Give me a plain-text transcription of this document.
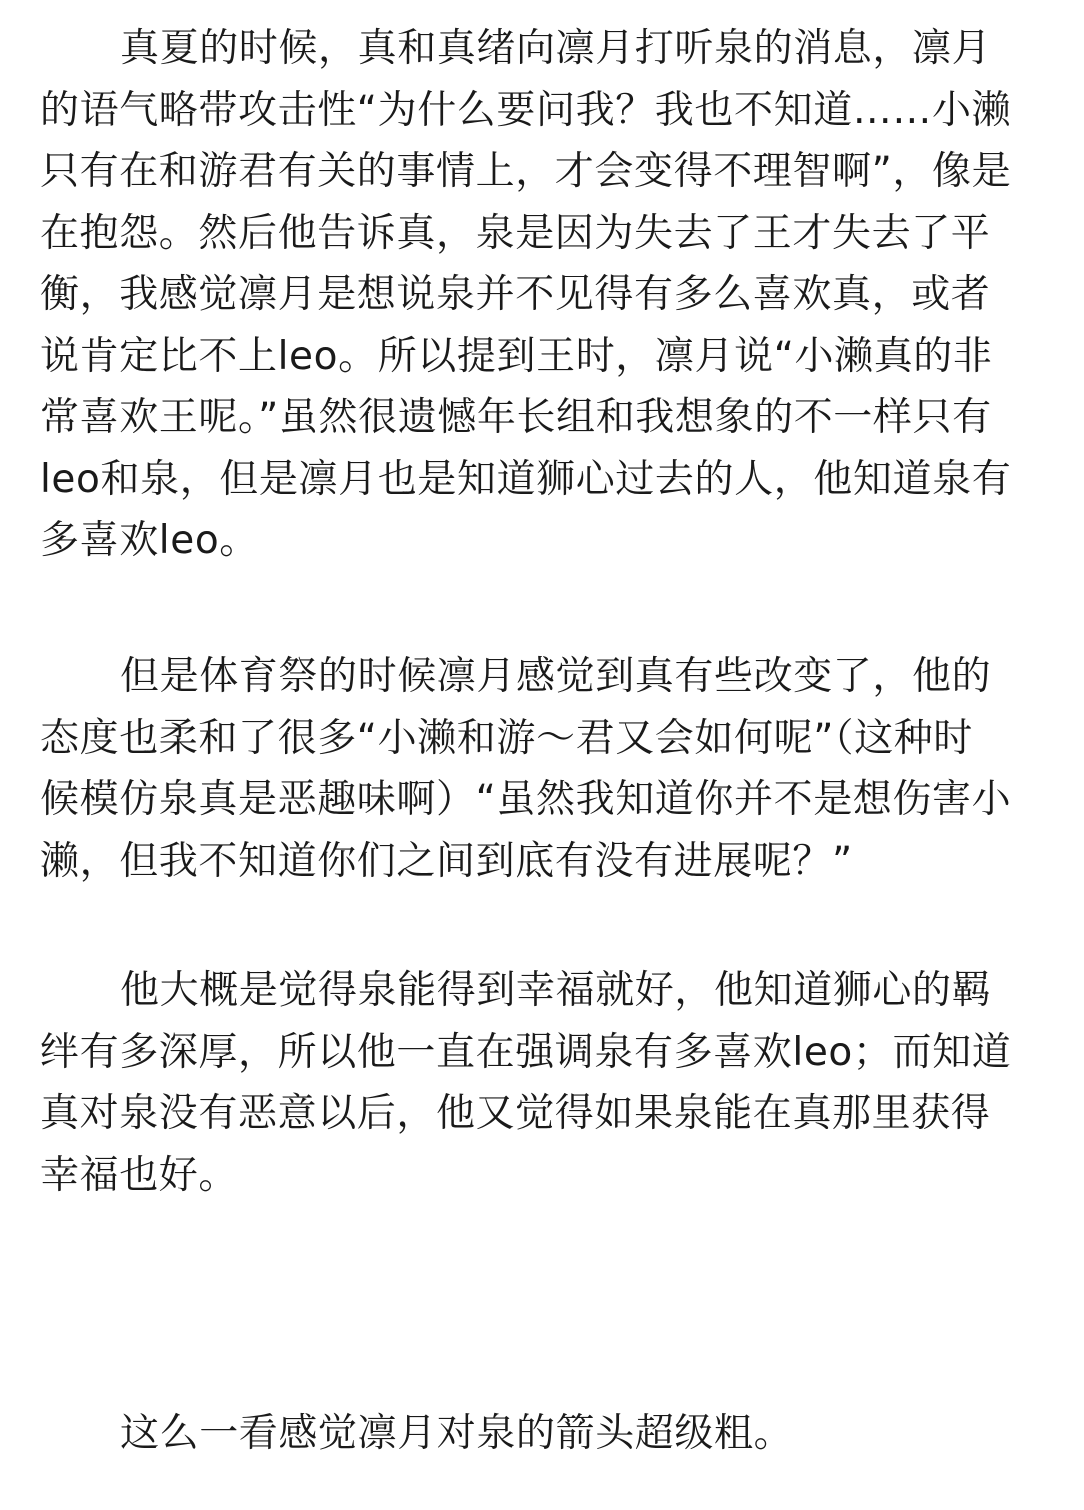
真夏的时候，真和真绪向凛月打听泉的消息，凛月
的语气略带攻击性“为什么要问我？我也不知道……小濑
只有在和游君有关的事情上，才会变得不理智啊”，像是
在抱怨。然后他告诉真，泉是因为失去了王才失去了平
衡，我感觉凛月是想说泉并不见得有多么喜欢真，或者
说肯定比不上leo。所以提到王时，凛月说“小濑真的非
常喜欢王呢。”虽然很遗憾年长组和我想象的不一样只有
leo和泉，但是凛月也是知道狮心过去的人，他知道泉有
多喜欢leo。
但是体育祭的时候凛月感觉到真有些改变了，他的
态度也柔和了很多“小濑和游～君又会如何呢”（这种时
候模仿泉真是恶趣味啊）“虽然我知道你并不是想伤害小
濑，但我不知道你们之间到底有没有进展呢？”
他大概是觉得泉能得到幸福就好，他知道狮心的羁
绊有多深厚，所以他一直在强调泉有多喜欢leo；而知道
真对泉没有恶意以后，他又觉得如果泉能在真那里获得
幸福也好。
这么一看感觉凛月对泉的箭头超级粗。
